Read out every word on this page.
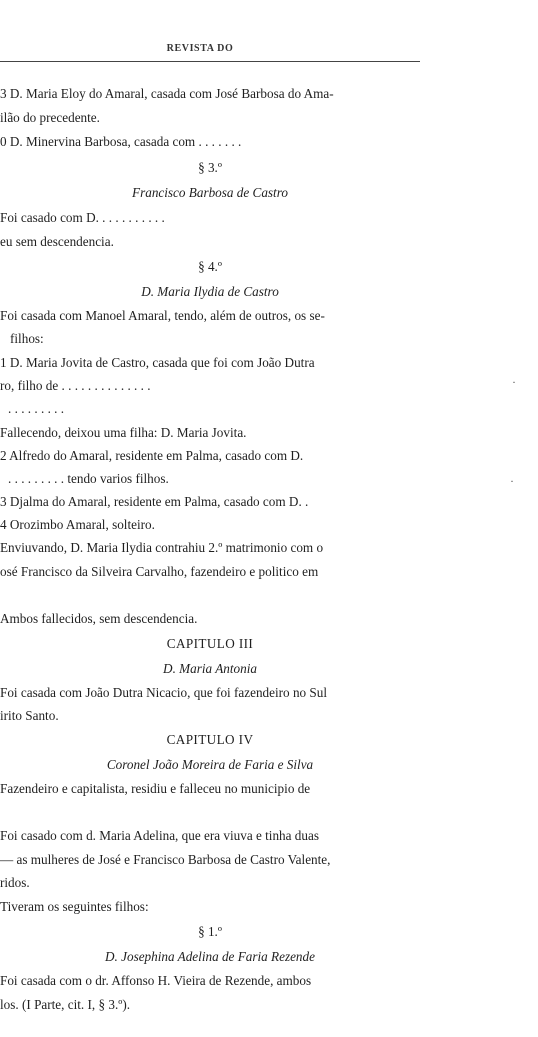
REVISTA DO
3 D. Maria Eloy do Amaral, casada com José Barbosa do Ama-
ilão do precedente.
0 D. Minervina Barbosa, casada com . . . . . . .
§ 3.º
Francisco Barbosa de Castro
Foi casado com D. . . . . . . . . . .
eu sem descendencia.
§ 4.º
D. Maria Ilydia de Castro
Foi casada com Manoel Amaral, tendo, além de outros, os se-
filhos:
1 D. Maria Jovita de Castro, casada que foi com João Dutra
ro, filho de . . . . . . . . . . . . . .
. . . . . . . . .
Fallecendo, deixou uma filha: D. Maria Jovita.
2 Alfredo do Amaral, residente em Palma, casado com D.
. . . . . . . . . tendo varios filhos.
3 Djalma do Amaral, residente em Palma, casado com D. .
4 Orozimbo Amaral, solteiro.
Enviuvando, D. Maria Ilydia contrahiu 2.º matrimonio com o
osé Francisco da Silveira Carvalho, fazendeiro e politico em
Ambos fallecidos, sem descendencia.
CAPITULO III
D. Maria Antonia
Foi casada com João Dutra Nicacio, que foi fazendeiro no Sul
irito Santo.
CAPITULO IV
Coronel João Moreira de Faria e Silva
Fazendeiro e capitalista, residiu e falleceu no municipio de
Foi casado com d. Maria Adelina, que era viuva e tinha duas
— as mulheres de José e Francisco Barbosa de Castro Valente,
ridos.
Tiveram os seguintes filhos:
§ 1.º
D. Josephina Adelina de Faria Rezende
Foi casada com o dr. Affonso H. Vieira de Rezende, ambos
los. (I Parte, cit. I, § 3.º).
·
·
